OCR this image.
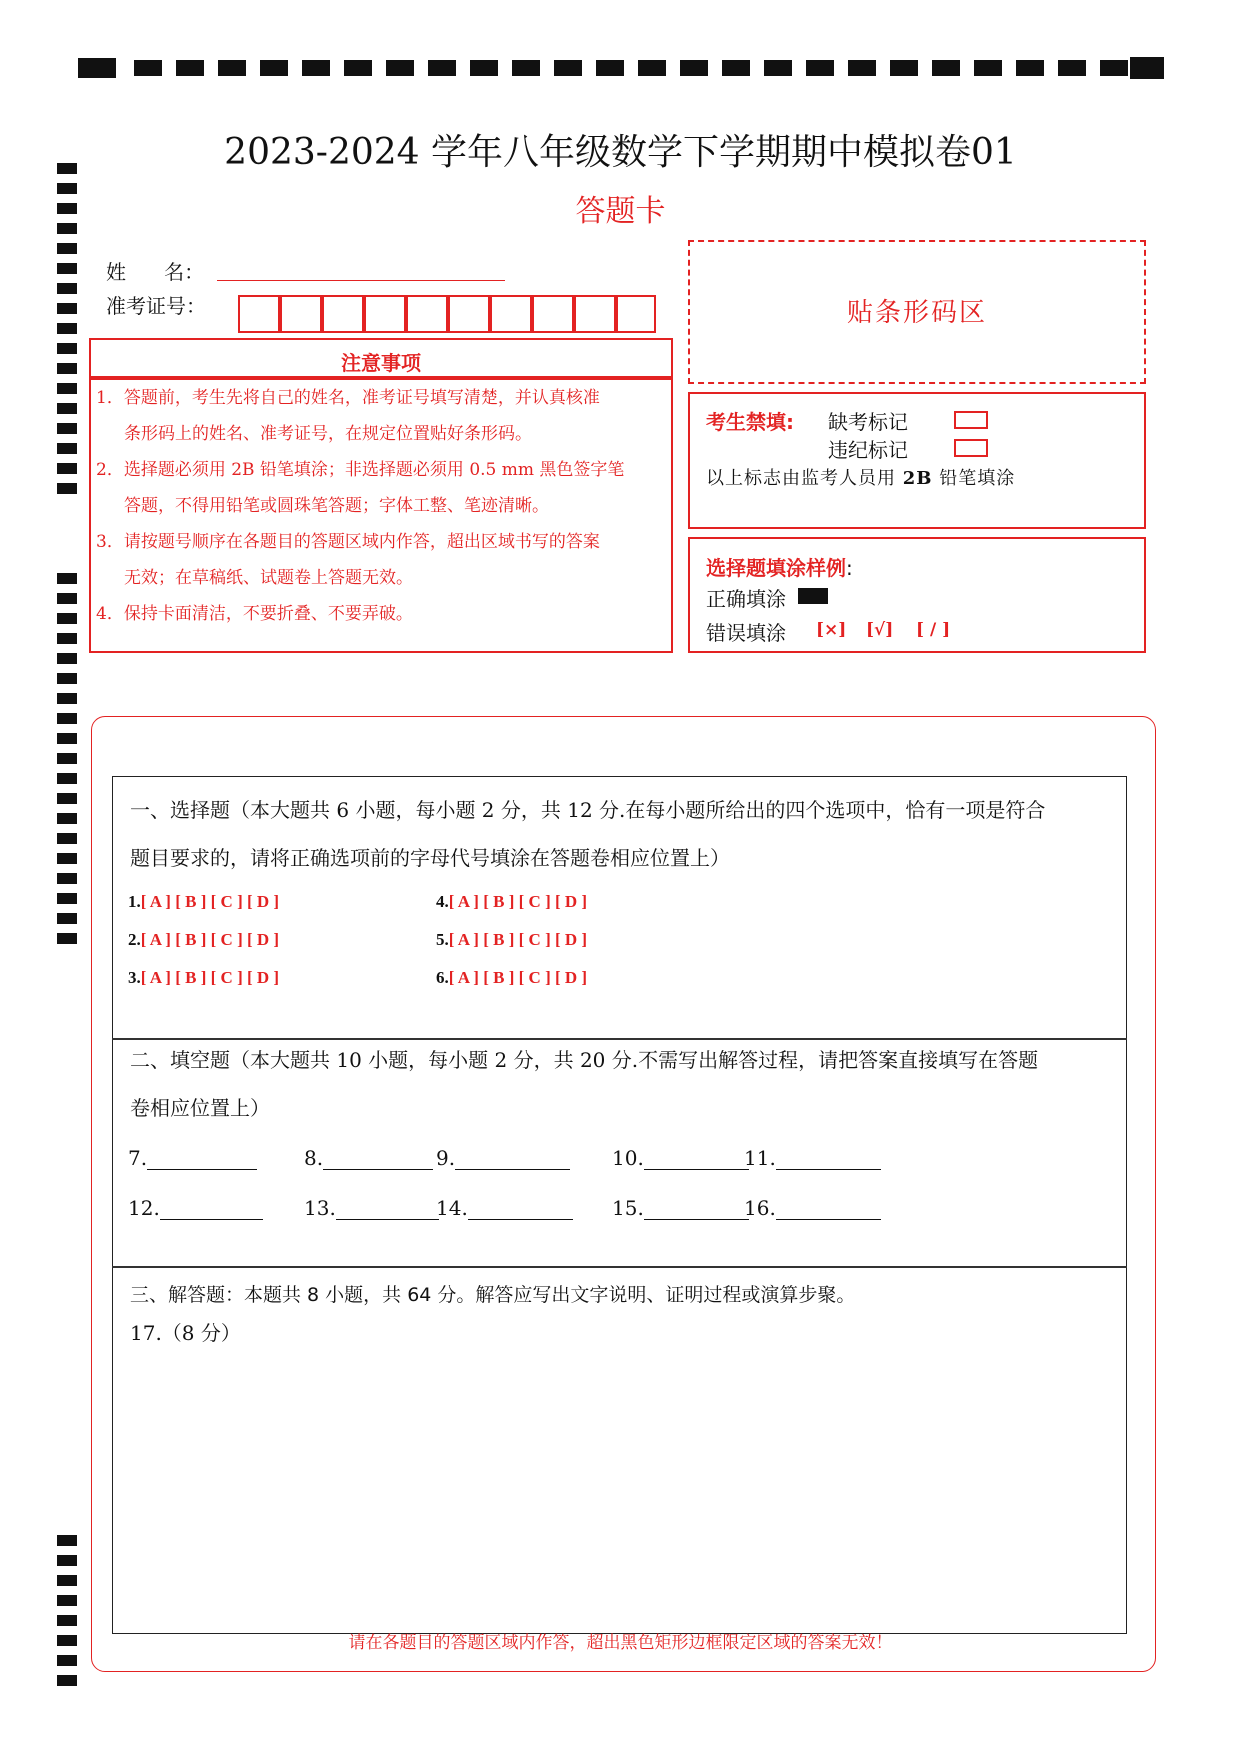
2023-2024 学年八年级数学下学期期中模拟卷01
答题卡
姓      名：
准考证号：	贴条形码区
注意事项
1．答题前，考生先将自己的姓名，准考证号填写清楚，并认真核准
条形码上的姓名、准考证号，在规定位置贴好条形码。
2．选择题必须用 2B 铅笔填涂；非选择题必须用 0.5 mm 黑色签字笔
答题，不得用铅笔或圆珠笔答题；字体工整、笔迹清晰。
3．请按题号顺序在各题目的答题区域内作答，超出区域书写的答案
无效；在草稿纸、试题卷上答题无效。
4．保持卡面清洁，不要折叠、不要弄破。
考生禁填: 缺考标记
违纪标记
以上标志由监考人员用 2B 铅笔填涂
选择题填涂样例:
正确填涂
错误填涂 [×] [√] [ / ]
一、选择题（本大题共 6 小题，每小题 2 分，共 12 分.在每小题所给出的四个选项中，恰有一项是符合
题目要求的，请将正确选项前的字母代号填涂在答题卷相应位置上）
1.[ A ] [ B ] [ C ] [ D ]
2.[ A ] [ B ] [ C ] [ D ]
3.[ A ] [ B ] [ C ] [ D ]
4.[ A ] [ B ] [ C ] [ D ]
5.[ A ] [ B ] [ C ] [ D ]
6.[ A ] [ B ] [ C ] [ D ]
二、填空题（本大题共 10 小题，每小题 2 分，共 20 分.不需写出解答过程，请把答案直接填写在答题
卷相应位置上）
7.	8.	9.	10.	11.
12.	13.	14.	15.	16.
三、解答题：本题共 8 小题，共 64 分。解答应写出文字说明、证明过程或演算步聚。
17.（8 分）
请在各题目的答题区域内作答，超出黑色矩形边框限定区域的答案无效！
